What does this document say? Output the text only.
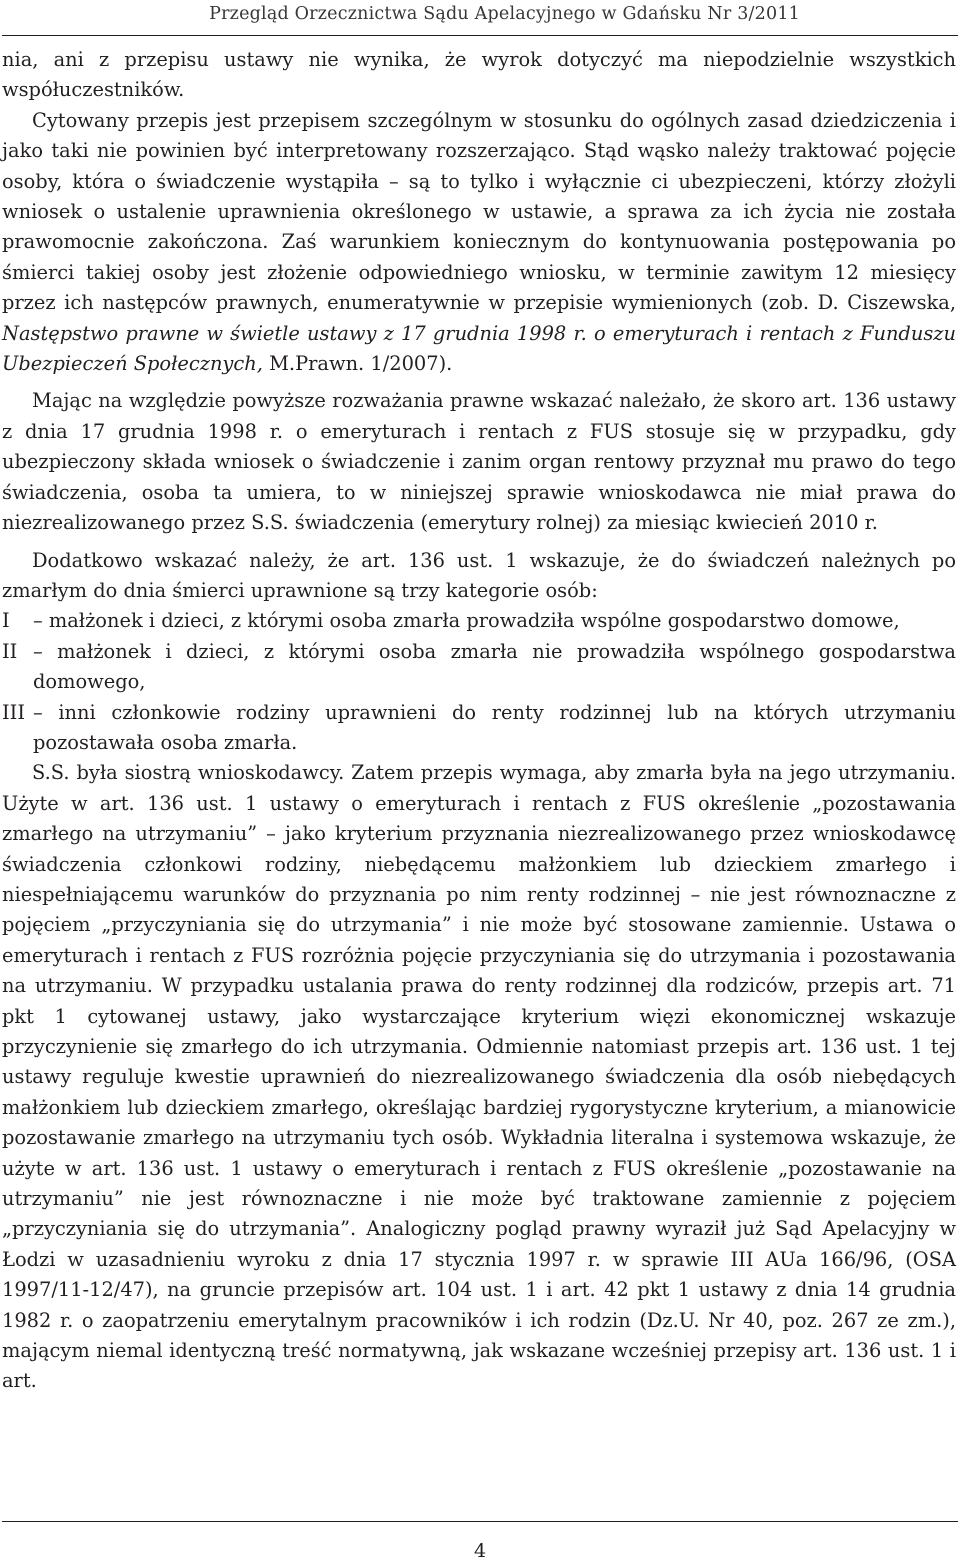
Przegląd Orzecznictwa Sądu Apelacyjnego w Gdańsku Nr 3/2011

nia, ani z przepisu ustawy nie wynika, że wyrok dotyczyć ma niepodzielnie wszystkich współuczestników.

Cytowany przepis jest przepisem szczególnym w stosunku do ogólnych zasad dziedziczenia i jako taki nie powinien być interpretowany rozszerzająco. Stąd wąsko należy traktować pojęcie osoby, która o świadczenie wystąpiła – są to tylko i wyłącznie ci ubezpieczeni, którzy złożyli wniosek o ustalenie uprawnienia określonego w ustawie, a sprawa za ich życia nie została prawomocnie zakończona. Zaś warunkiem koniecznym do kontynuowania postępowania po śmierci takiej osoby jest złożenie odpowiedniego wniosku, w terminie zawitym 12 miesięcy przez ich następców prawnych, enumeratywnie w przepisie wymienionych (zob. D. Ciszewska, Następstwo prawne w świetle ustawy z 17 grudnia 1998 r. o emeryturach i rentach z Funduszu Ubezpieczeń Społecznych, M.Prawn. 1/2007).

Mając na względzie powyższe rozważania prawne wskazać należało, że skoro art. 136 ustawy z dnia 17 grudnia 1998 r. o emeryturach i rentach z FUS stosuje się w przypadku, gdy ubezpieczony składa wniosek o świadczenie i zanim organ rentowy przyznał mu prawo do tego świadczenia, osoba ta umiera, to w niniejszej sprawie wnioskodawca nie miał prawa do niezrealizowanego przez S.S. świadczenia (emerytury rolnej) za miesiąc kwiecień 2010 r.

Dodatkowo wskazać należy, że art. 136 ust. 1 wskazuje, że do świadczeń należnych po zmarłym do dnia śmierci uprawnione są trzy kategorie osób:

I	– małżonek i dzieci, z którymi osoba zmarła prowadziła wspólne gospodarstwo domowe,
II – małżonek i dzieci, z którymi osoba zmarła nie prowadziła wspólnego gospodarstwa domowego,
III – inni członkowie rodziny uprawnieni do renty rodzinnej lub na których utrzymaniu pozostawała osoba zmarła.

S.S. była siostrą wnioskodawcy. Zatem przepis wymaga, aby zmarła była na jego utrzymaniu. Użyte w art. 136 ust. 1 ustawy o emeryturach i rentach z FUS określenie „pozostawania zmarłego na utrzymaniu” – jako kryterium przyznania niezrealizowanego przez wnioskodawcę świadczenia członkowi rodziny, niebędącemu małżonkiem lub dzieckiem zmarłego i niespełniającemu warunków do przyznania po nim renty rodzinnej – nie jest równoznaczne z pojęciem „przyczyniania się do utrzymania” i nie może być stosowane zamiennie. Ustawa o emeryturach i rentach z FUS rozróżnia pojęcie przyczyniania się do utrzymania i pozostawania na utrzymaniu. W przypadku ustalania prawa do renty rodzinnej dla rodziców, przepis art. 71 pkt 1 cytowanej ustawy, jako wystarczające kryterium więzi ekonomicznej wskazuje przyczynienie się zmarłego do ich utrzymania. Odmiennie natomiast przepis art. 136 ust. 1 tej ustawy reguluje kwestie uprawnień do niezrealizowanego świadczenia dla osób niebędących małżonkiem lub dzieckiem zmarłego, określając bardziej rygorystyczne kryterium, a mianowicie pozostawanie zmarłego na utrzymaniu tych osób. Wykładnia literalna i systemowa wskazuje, że użyte w art. 136 ust. 1 ustawy o emeryturach i rentach z FUS określenie „pozostawanie na utrzymaniu” nie jest równoznaczne i nie może być traktowane zamiennie z pojęciem „przyczyniania się do utrzymania”. Analogiczny pogląd prawny wyraził już Sąd Apelacyjny w Łodzi w uzasadnieniu wyroku z dnia 17 stycznia 1997 r. w sprawie III AUa 166/96, (OSA 1997/11-12/47), na gruncie przepisów art. 104 ust. 1 i art. 42 pkt 1 ustawy z dnia 14 grudnia 1982 r. o zaopatrzeniu emerytalnym pracowników i ich rodzin (Dz.U. Nr 40, poz. 267 ze zm.), mającym niemal identyczną treść normatywną, jak wskazane wcześniej przepisy art. 136 ust. 1 i art.

4
